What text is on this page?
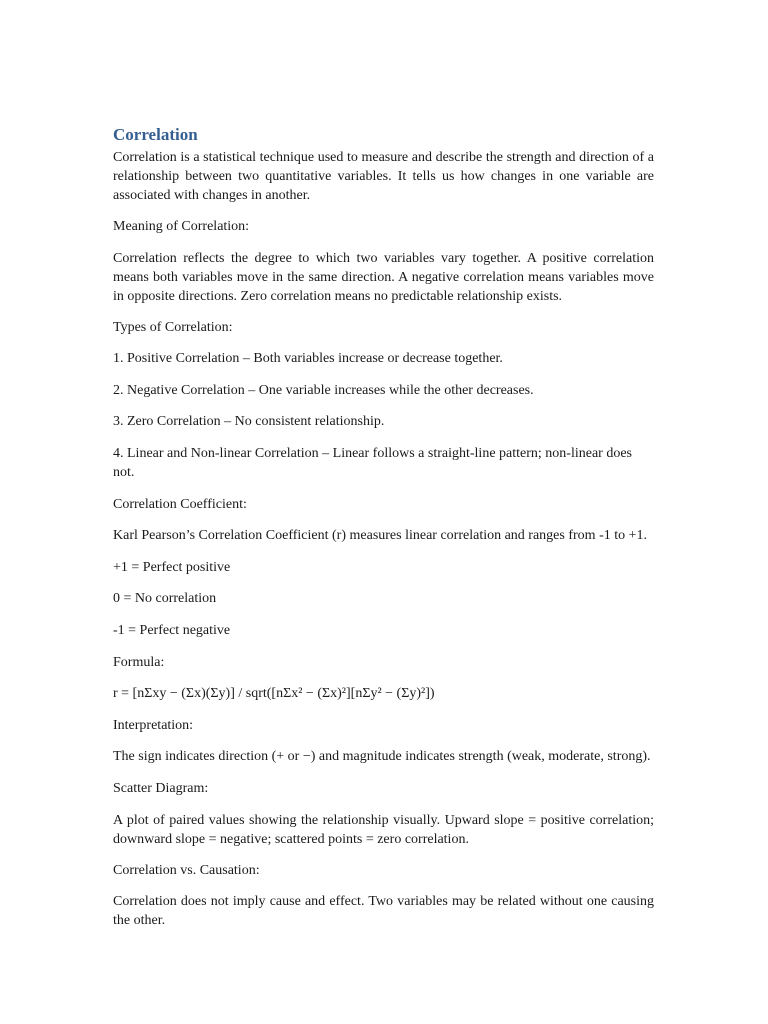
Correlation

Correlation is a statistical technique used to measure and describe the strength and direction of a relationship between two quantitative variables. It tells us how changes in one variable are associated with changes in another.

Meaning of Correlation:

Correlation reflects the degree to which two variables vary together. A positive correlation means both variables move in the same direction. A negative correlation means variables move in opposite directions. Zero correlation means no predictable relationship exists.

Types of Correlation:

1. Positive Correlation – Both variables increase or decrease together.

2. Negative Correlation – One variable increases while the other decreases.

3. Zero Correlation – No consistent relationship.

4. Linear and Non-linear Correlation – Linear follows a straight-line pattern; non-linear does not.

Correlation Coefficient:

Karl Pearson’s Correlation Coefficient (r) measures linear correlation and ranges from -1 to +1.

+1 = Perfect positive

0 = No correlation

-1 = Perfect negative

Formula:

r = [nΣxy − (Σx)(Σy)] / sqrt([nΣx² − (Σx)²][nΣy² − (Σy)²])

Interpretation:

The sign indicates direction (+ or −) and magnitude indicates strength (weak, moderate, strong).

Scatter Diagram:

A plot of paired values showing the relationship visually. Upward slope = positive correlation; downward slope = negative; scattered points = zero correlation.

Correlation vs. Causation:

Correlation does not imply cause and effect. Two variables may be related without one causing the other.
